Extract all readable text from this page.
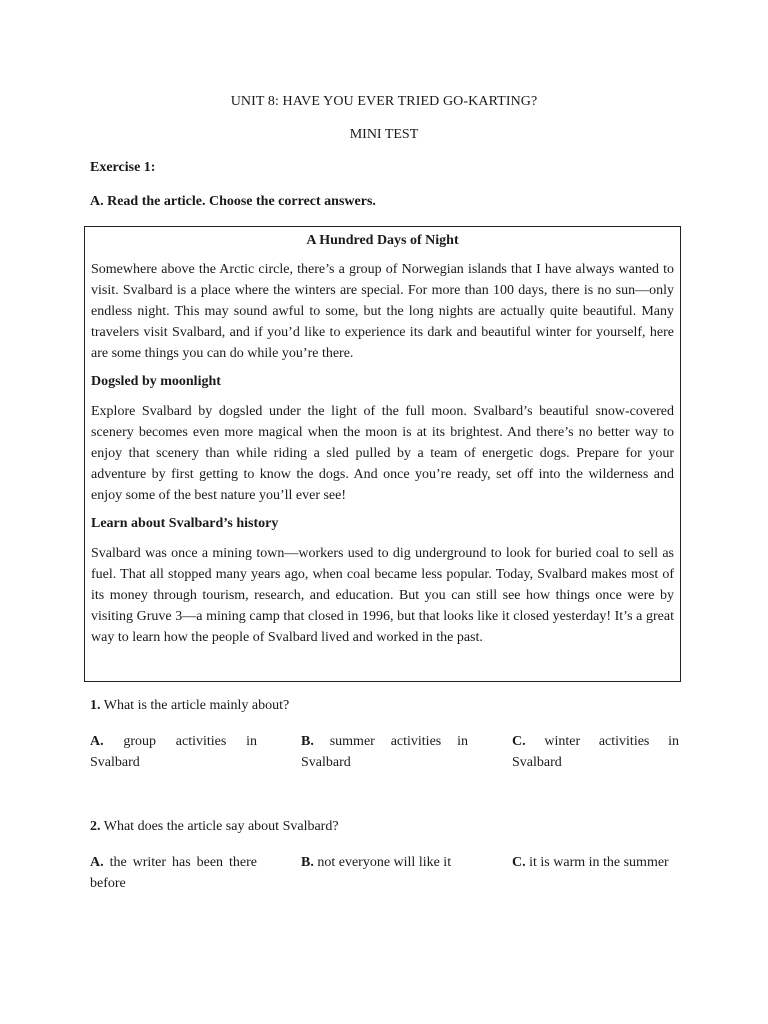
UNIT 8: HAVE YOU EVER TRIED GO-KARTING?
MINI TEST
Exercise 1:
A. Read the article. Choose the correct answers.
A Hundred Days of Night

Somewhere above the Arctic circle, there’s a group of Norwegian islands that I have always wanted to visit. Svalbard is a place where the winters are special. For more than 100 days, there is no sun—only endless night. This may sound awful to some, but the long nights are actually quite beautiful. Many travelers visit Svalbard, and if you’d like to experience its dark and beautiful winter for yourself, here are some things you can do while you’re there.

Dogsled by moonlight

Explore Svalbard by dogsled under the light of the full moon. Svalbard’s beautiful snow-covered scenery becomes even more magical when the moon is at its brightest. And there’s no better way to enjoy that scenery than while riding a sled pulled by a team of energetic dogs. Prepare for your adventure by first getting to know the dogs. And once you’re ready, set off into the wilderness and enjoy some of the best nature you’ll ever see!

Learn about Svalbard’s history

Svalbard was once a mining town—workers used to dig underground to look for buried coal to sell as fuel. That all stopped many years ago, when coal became less popular. Today, Svalbard makes most of its money through tourism, research, and education. But you can still see how things once were by visiting Gruve 3—a mining camp that closed in 1996, but that looks like it closed yesterday! It’s a great way to learn how the people of Svalbard lived and worked in the past.

1. What is the article mainly about?
A. group activities in Svalbard
B. summer activities in Svalbard
C. winter activities in Svalbard
2. What does the article say about Svalbard?
A. the writer has been there before
B. not everyone will like it	C. it is warm in the summer
